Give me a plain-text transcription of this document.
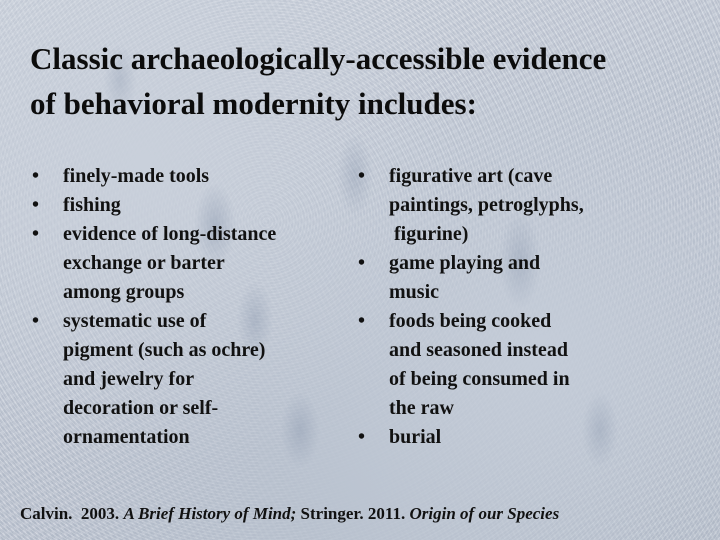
Classic archaeologically-accessible evidence
of behavioral modernity includes:
• finely-made tools
• fishing
• evidence of long-distance
exchange or barter
among groups
• systematic use of
pigment (such as ochre)
and jewelry for
decoration or self-
ornamentation
• figurative art (cave
paintings, petroglyphs,
figurine)
• game playing and
music
• foods being cooked
and seasoned instead
of being consumed in
the raw
• burial
Calvin.  2003. A Brief History of Mind; Stringer. 2011. Origin of our Species
